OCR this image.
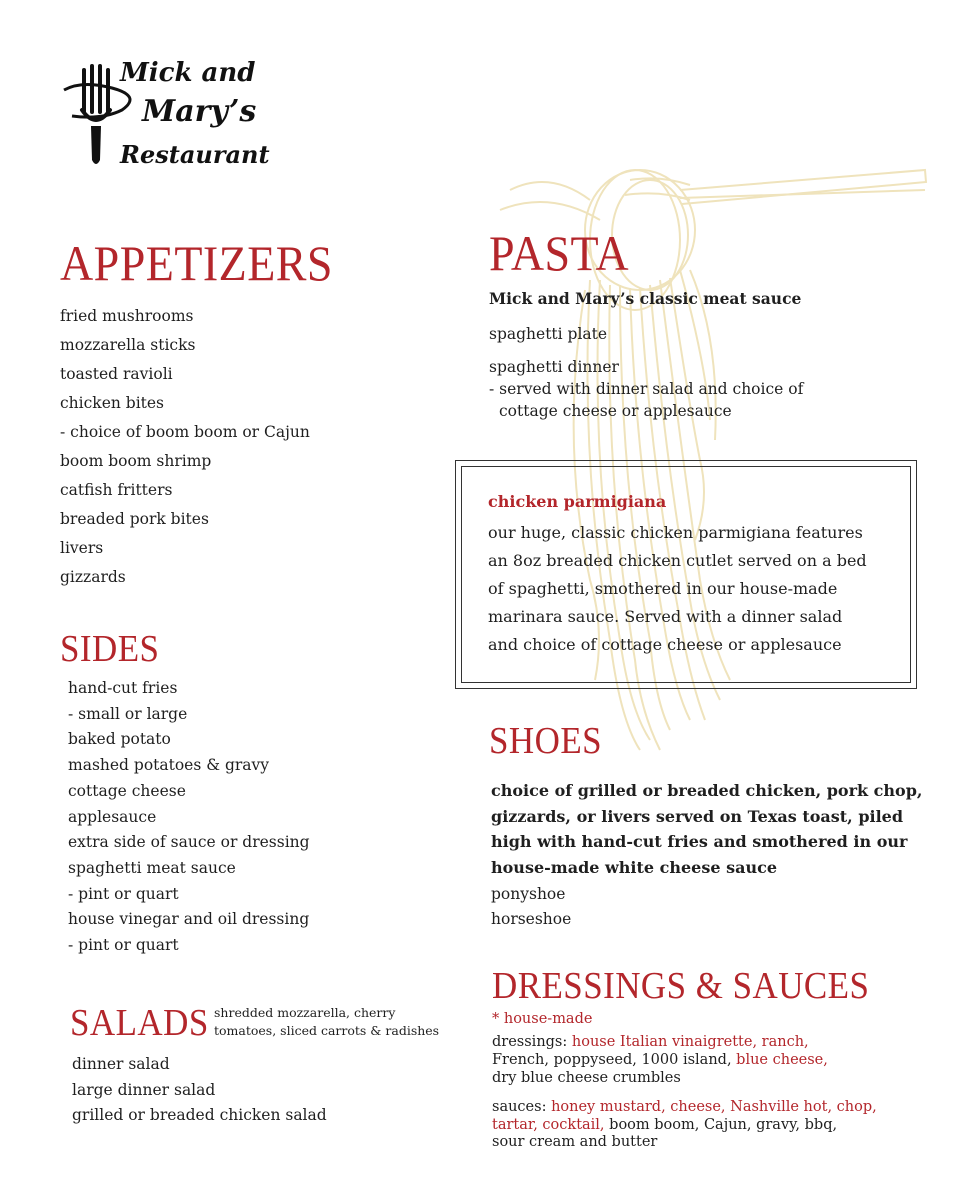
Mick and
Mary’s
Restaurant
APPETIZERS
fried mushrooms
mozzarella sticks
toasted ravioli
chicken bites
- choice of boom boom or Cajun
boom boom shrimp
catfish fritters
breaded pork bites
livers
gizzards
SIDES
hand-cut fries
- small or large
baked potato
mashed potatoes & gravy
cottage cheese
applesauce
extra side of sauce or dressing
spaghetti meat sauce
- pint or quart
house vinegar and oil dressing
- pint or quart
SALADS shredded mozzarella, cherry
tomatoes, sliced carrots & radishes
dinner salad
large dinner salad
grilled or breaded chicken salad
PASTA
Mick and Mary’s classic meat sauce
spaghetti plate
spaghetti dinner
- served with dinner salad and choice of
cottage cheese or applesauce
chicken parmigiana
our huge, classic chicken parmigiana features
an 8oz breaded chicken cutlet served on a bed
of spaghetti, smothered in our house-made
marinara sauce. Served with a dinner salad
and choice of cottage cheese or applesauce
SHOES
choice of grilled or breaded chicken, pork chop,
gizzards, or livers served on Texas toast, piled
high with hand-cut fries and smothered in our
house-made white cheese sauce
ponyshoe
horseshoe
DRESSINGS & SAUCES
* house-made
dressings: house Italian vinaigrette, ranch,
French, poppyseed, 1000 island, blue cheese,
dry blue cheese crumbles
sauces: honey mustard, cheese, Nashville hot, chop,
tartar, cocktail, boom boom, Cajun, gravy, bbq,
sour cream and butter
